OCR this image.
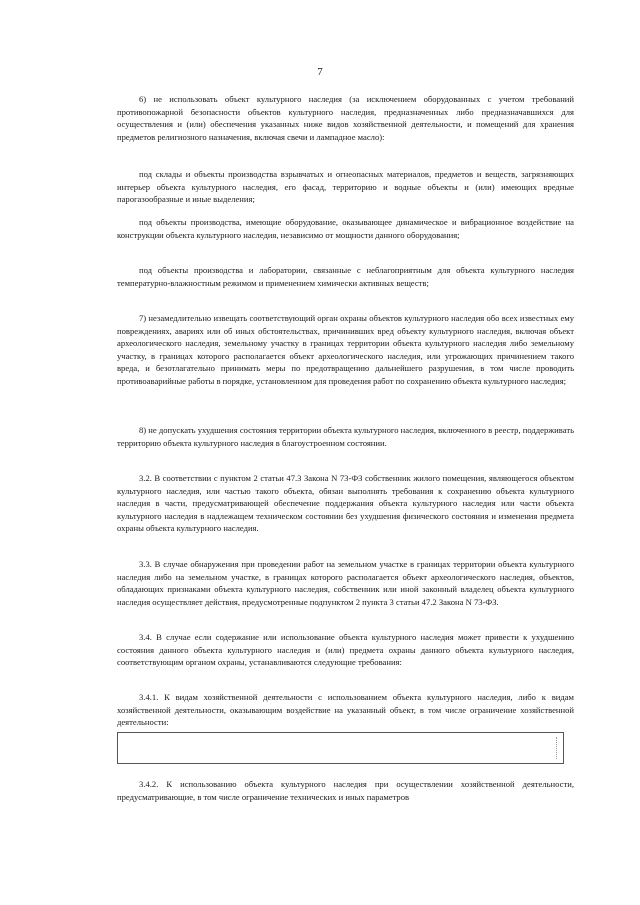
7

6) не использовать объект культурного наследия (за исключением оборудованных с учетом требований противопожарной безопасности объектов культурного наследия, предназначенных либо предназначавшихся для осуществления и (или) обеспечения указанных ниже видов хозяйственной деятельности, и помещений для хранения предметов религиозного назначения, включая свечи и лампадное масло):

под склады и объекты производства взрывчатых и огнеопасных материалов, предметов и веществ, загрязняющих интерьер объекта культурного наследия, его фасад, территорию и водные объекты и (или) имеющих вредные парогазообразные и иные выделения;

под объекты производства, имеющие оборудование, оказывающее динамическое и вибрационное воздействие на конструкции объекта культурного наследия, независимо от мощности данного оборудования;

под объекты производства и лаборатории, связанные с неблагоприятным для объекта культурного наследия температурно-влажностным режимом и применением химически активных веществ;

7) незамедлительно извещать соответствующий орган охраны объектов культурного наследия обо всех известных ему повреждениях, авариях или об иных обстоятельствах, причинивших вред объекту культурного наследия, включая объект археологического наследия, земельному участку в границах территории объекта культурного наследия либо земельному участку, в границах которого располагается объект археологического наследия, или угрожающих причинением такого вреда, и безотлагательно принимать меры по предотвращению дальнейшего разрушения, в том числе проводить противоаварийные работы в порядке, установленном для проведения работ по сохранению объекта культурного наследия;

8) не допускать ухудшения состояния территории объекта культурного наследия, включенного в реестр, поддерживать территорию объекта культурного наследия в благоустроенном состоянии.

3.2. В соответствии с пунктом 2 статьи 47.3 Закона N 73-ФЗ собственник жилого помещения, являющегося объектом культурного наследия, или частью такого объекта, обязан выполнять требования к сохранению объекта культурного наследия в части, предусматривающей обеспечение поддержания объекта культурного наследия или части объекта культурного наследия в надлежащем техническом состоянии без ухудшения физического состояния и изменения предмета охраны объекта культурного наследия.

3.3. В случае обнаружения при проведении работ на земельном участке в границах территории объекта культурного наследия либо на земельном участке, в границах которого располагается объект археологического наследия, объектов, обладающих признаками объекта культурного наследия, собственник или иной законный владелец объекта культурного наследия осуществляет действия, предусмотренные подпунктом 2 пункта 3 статьи 47.2 Закона N 73-ФЗ.

3.4. В случае если содержание или использование объекта культурного наследия может привести к ухудшению состояния данного объекта культурного наследия и (или) предмета охраны данного объекта культурного наследия, соответствующим органом охраны, устанавливаются следующие требования:

3.4.1. К видам хозяйственной деятельности с использованием объекта культурного наследия, либо к видам хозяйственной деятельности, оказывающим воздействие на указанный объект, в том числе ограничение хозяйственной деятельности:

3.4.2. К использованию объекта культурного наследия при осуществлении хозяйственной деятельности, предусматривающие, в том числе ограничение технических и иных параметров
